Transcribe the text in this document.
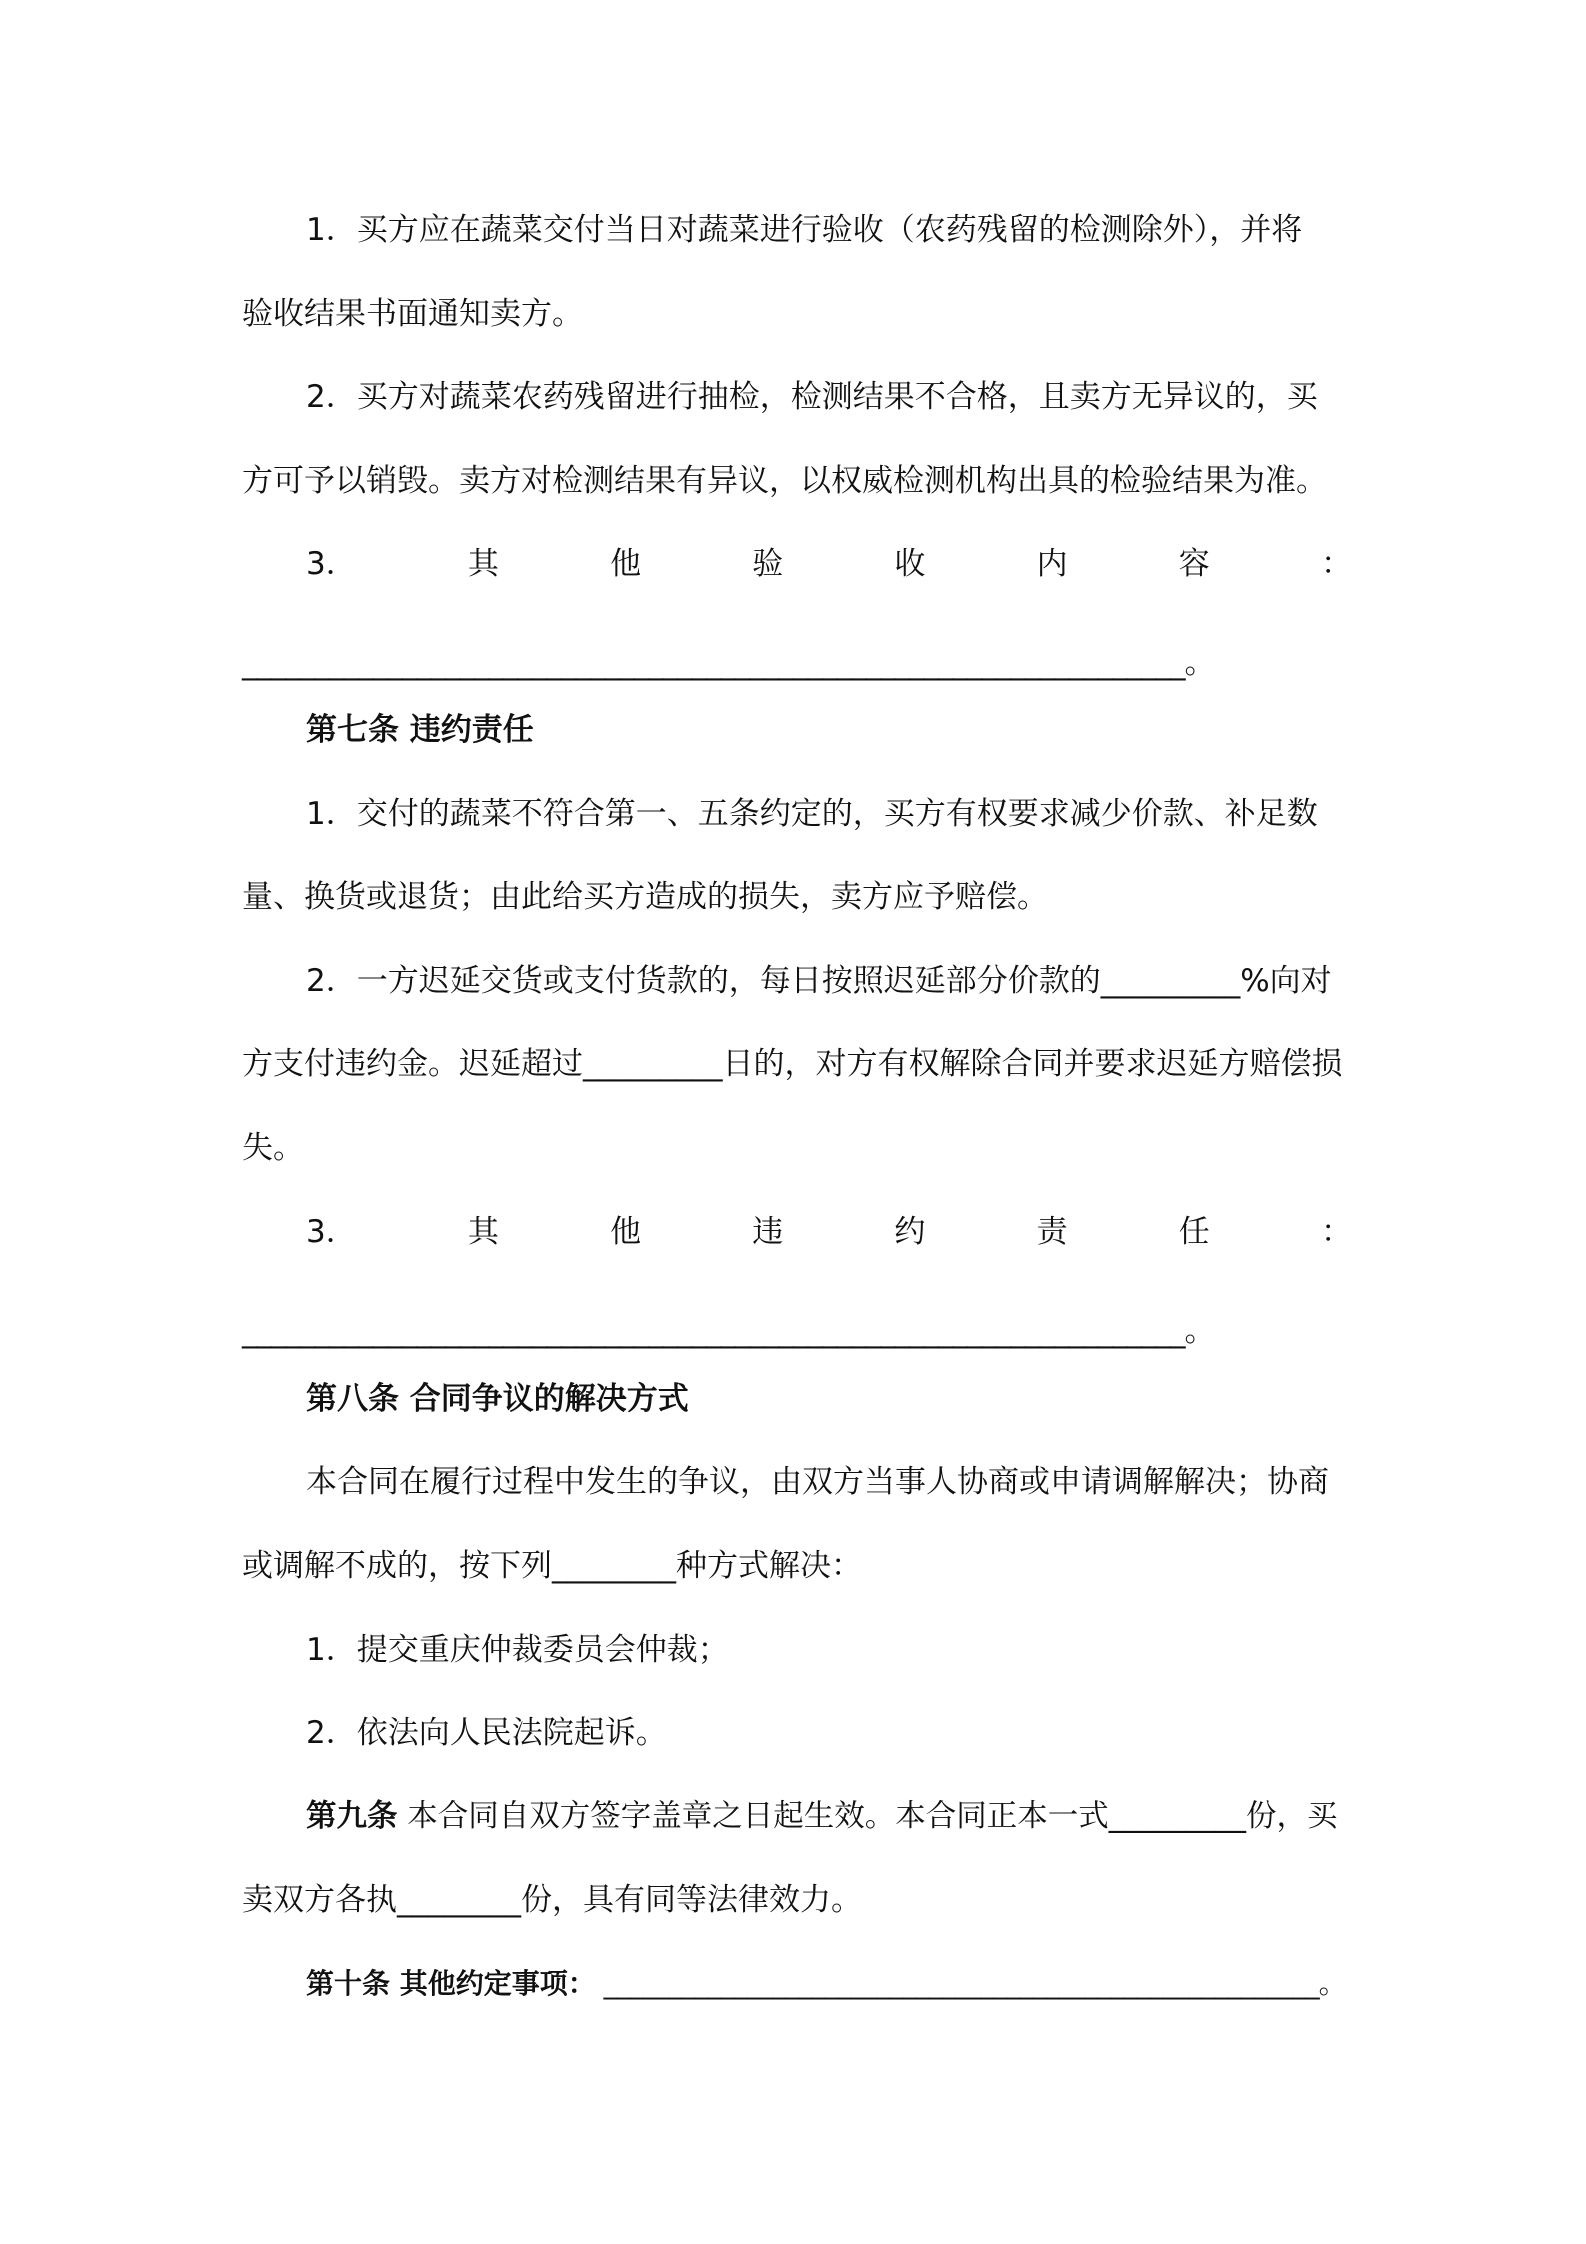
1．买方应在蔬菜交付当日对蔬菜进行验收（农药残留的检测除外），并将
验收结果书面通知卖方。
2．买方对蔬菜农药残留进行抽检，检测结果不合格，且卖方无异议的，买
方可予以销毁。卖方对检测结果有异议，以权威检测机构出具的检验结果为准。
3．	其	他	验	收	内	容	：
_________________________________________________________________。
第七条 违约责任
1．交付的蔬菜不符合第一、五条约定的，买方有权要求减少价款、补足数
量、换货或退货；由此给买方造成的损失，卖方应予赔偿。
2．一方迟延交货或支付货款的，每日按照迟延部分价款的_________%向对
方支付违约金。迟延超过_________日的，对方有权解除合同并要求迟延方赔偿损
失。
3．	其	他	违	约	责	任	：
_________________________________________________________________。
第八条 合同争议的解决方式
本合同在履行过程中发生的争议，由双方当事人协商或申请调解解决；协商
或调解不成的，按下列________种方式解决：
1．提交重庆仲裁委员会仲裁；
2．依法向人民法院起诉。
第九条 本合同自双方签字盖章之日起生效。本合同正本一式_________份，买
卖双方各执________份，具有同等法律效力。
第十条 其他约定事项： _______________________________________________________。
